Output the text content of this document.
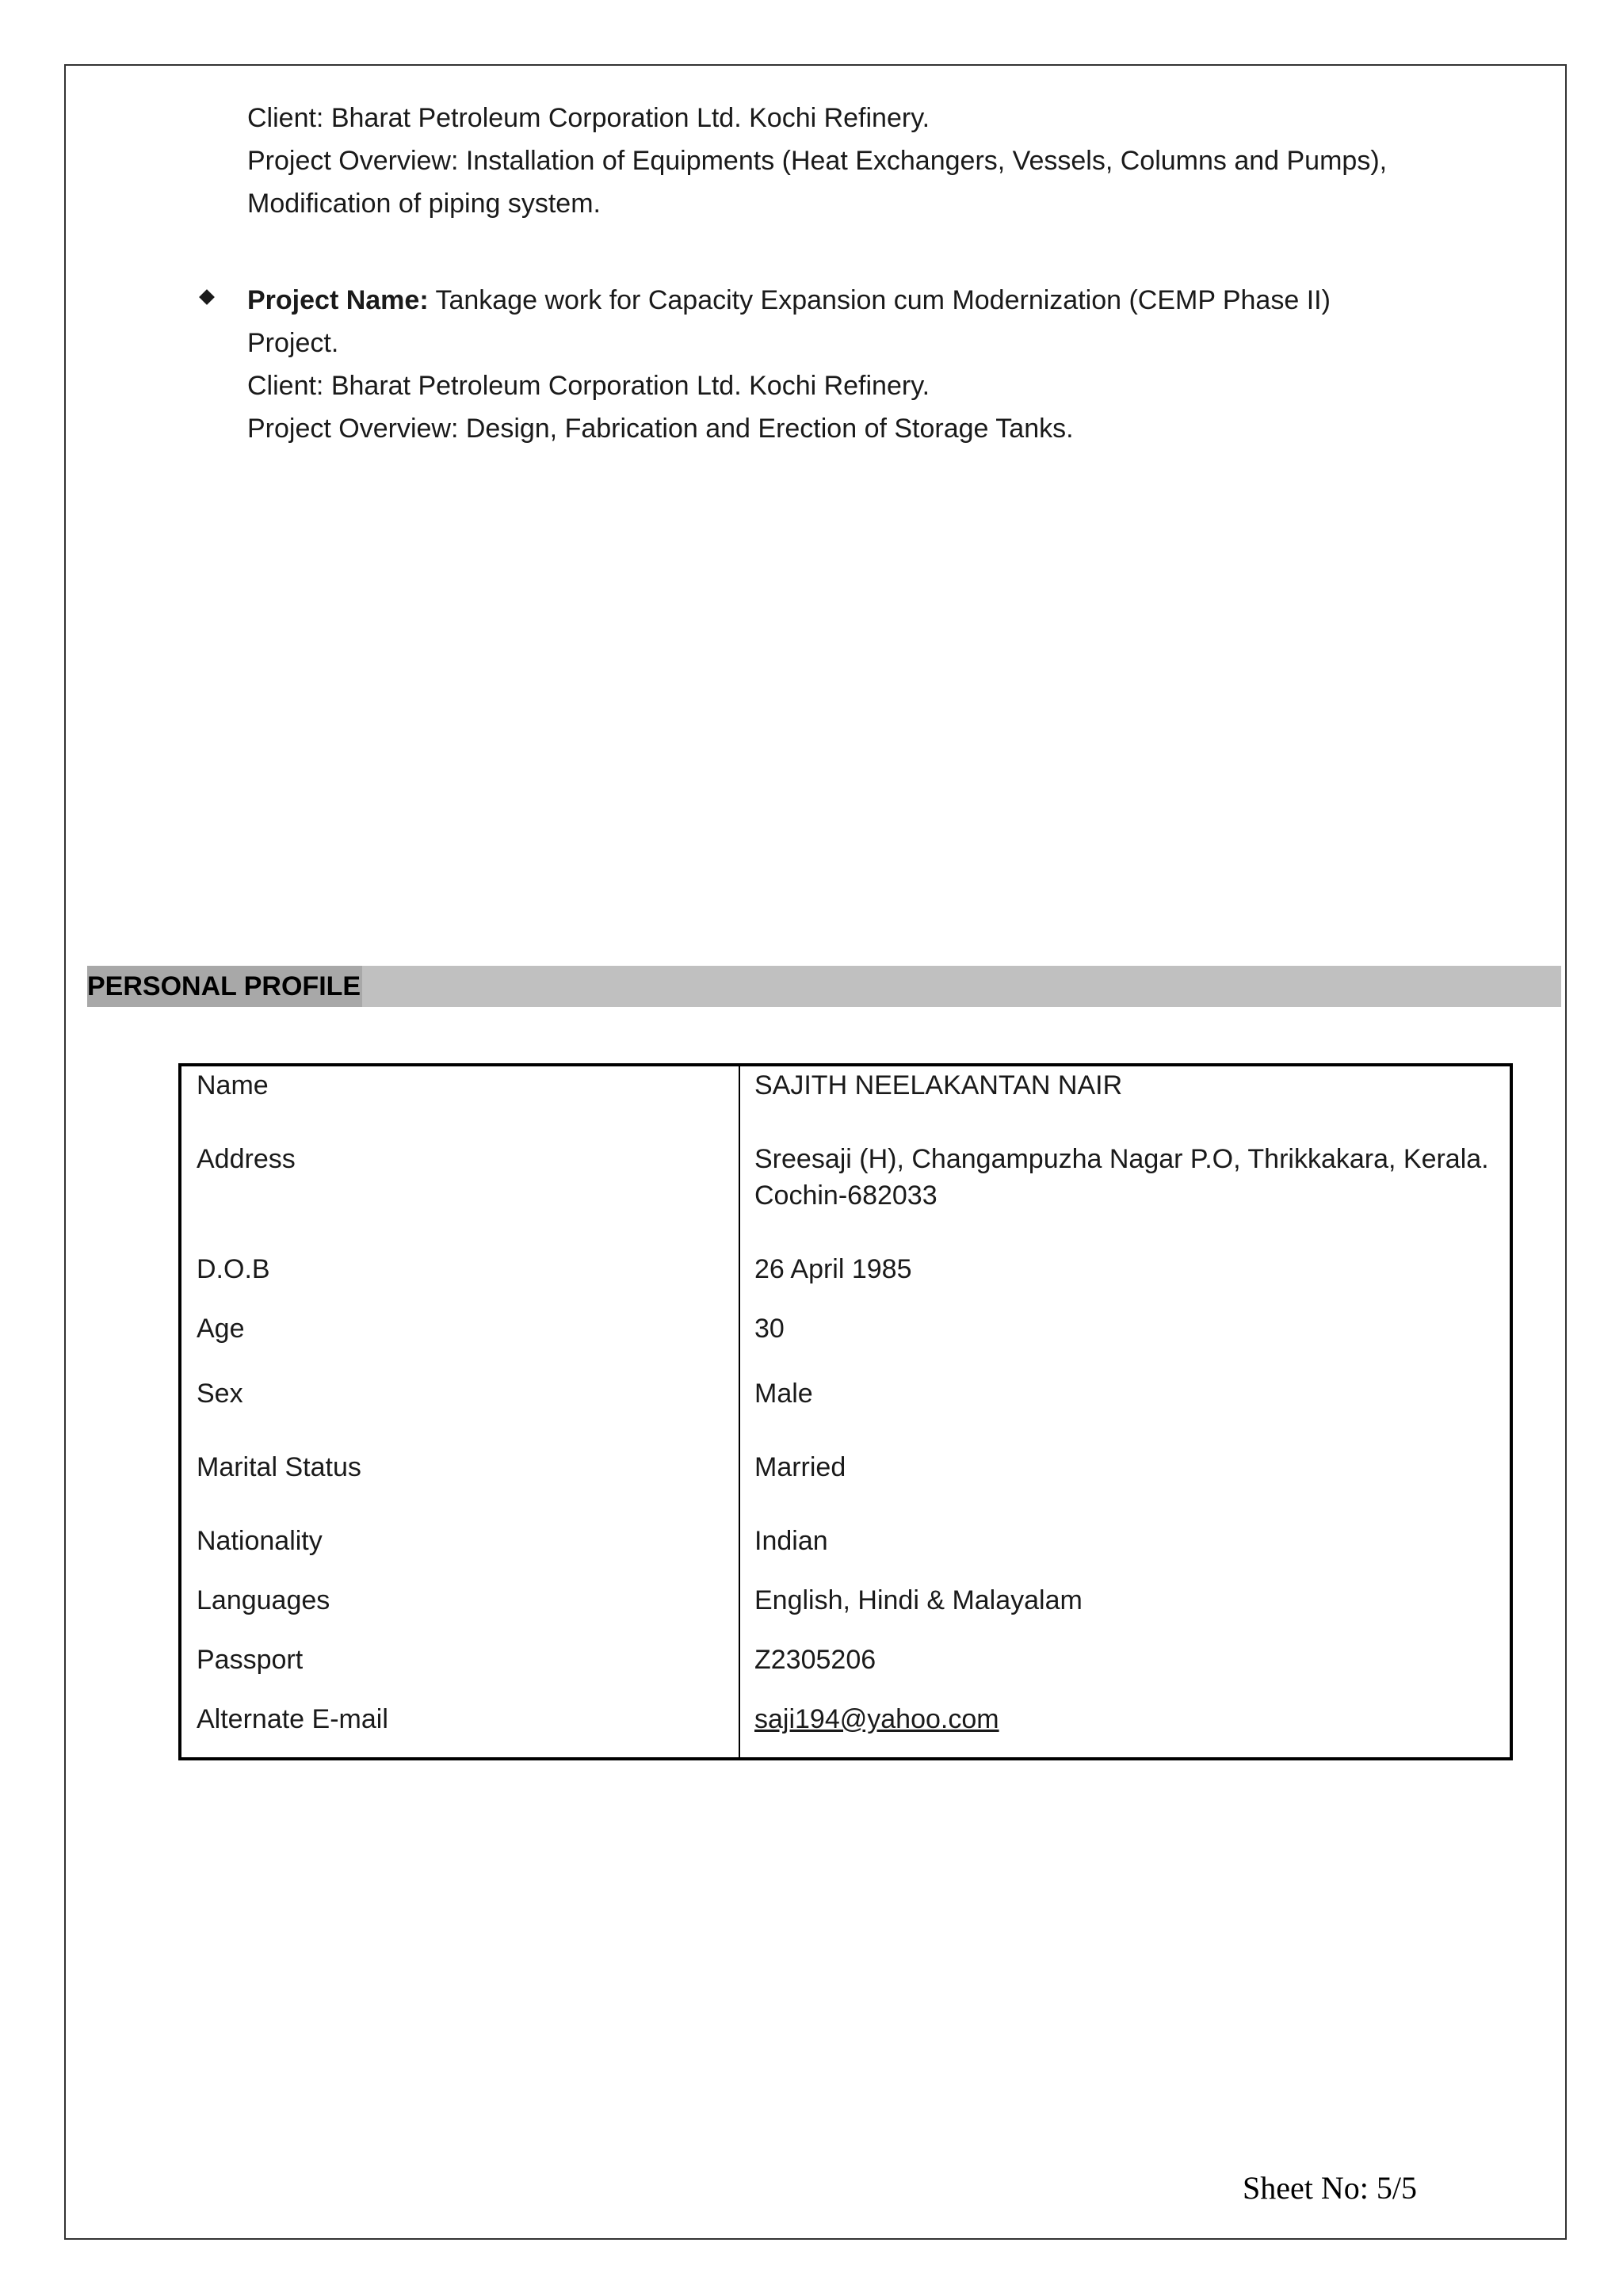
Client: Bharat Petroleum Corporation Ltd. Kochi Refinery.
Project Overview: Installation of Equipments (Heat Exchangers, Vessels, Columns and Pumps),
Modification of piping system.
Project Name: Tankage work for Capacity Expansion cum Modernization (CEMP Phase II)
Project.
Client: Bharat Petroleum Corporation Ltd. Kochi Refinery.
Project Overview: Design, Fabrication and Erection of Storage Tanks.
PERSONAL PROFILE
Name	SAJITH NEELAKANTAN NAIR
Address	Sreesaji (H), Changampuzha Nagar P.O, Thrikkakara, Kerala.
Cochin-682033
D.O.B	26 April 1985
Age	30
Sex	Male
Marital Status	Married
Nationality	Indian
Languages	English, Hindi & Malayalam
Passport	Z2305206
Alternate E-mail	saji194@yahoo.com
Sheet No: 5/5
